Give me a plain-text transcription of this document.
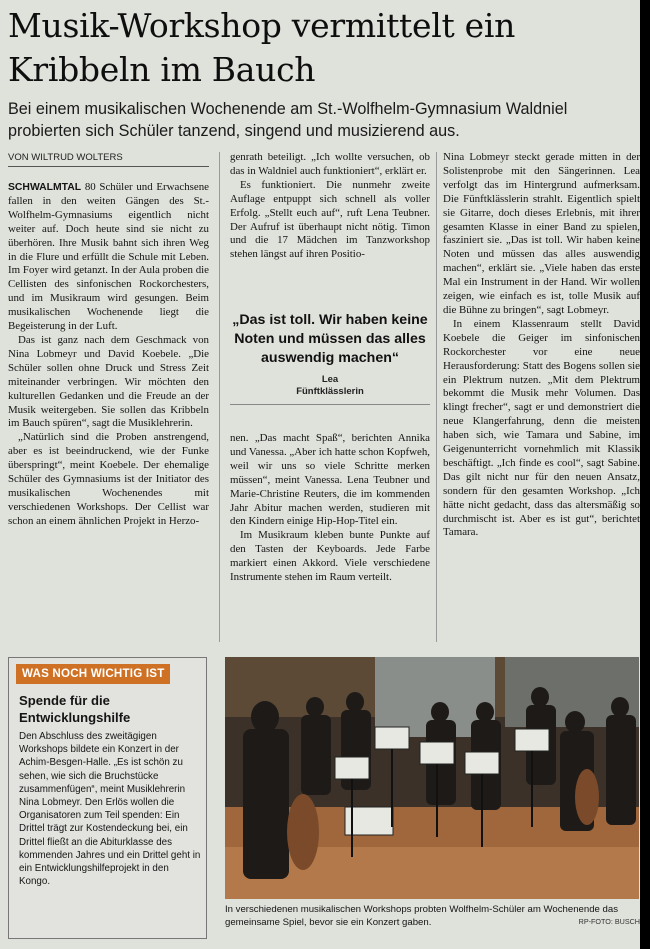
Musik-Workshop vermittelt ein Kribbeln im Bauch

Bei einem musikalischen Wochenende am St.-Wolfhelm-Gymnasium Waldniel probierten sich Schüler tanzend, singend und musizierend aus.

VON WILTRUD WOLTERS

SCHWALMTAL 80 Schüler und Erwachsene fallen in den weiten Gängen des St.-Wolfhelm-Gymnasiums eigentlich nicht weiter auf. Doch heute sind sie nicht zu überhören. Ihre Musik bahnt sich ihren Weg in die Flure und erfüllt die Schule mit Leben. Im Foyer wird getanzt. In der Aula proben die Cellisten des sinfonischen Rockorchesters, und im Musikraum wird gesungen. Beim musikalischen Wochenende liegt die Begeisterung in der Luft.

Das ist ganz nach dem Geschmack von Nina Lobmeyr und David Koebele. „Die Schüler sollen ohne Druck und Stress Zeit miteinander verbringen. Wir möchten den kulturellen Gedanken und die Freude an der Musik weitergeben. Sie sollen das Kribbeln im Bauch spüren“, sagt die Musiklehrerin.

„Natürlich sind die Proben anstrengend, aber es ist beeindruckend, wie der Funke überspringt“, meint Koebele. Der ehemalige Schüler des Gymnasiums ist der Initiator des musikalischen Wochenendes mit verschiedenen Workshops. Der Cellist war schon an einem ähnlichen Projekt in Herzo-

genrath beteiligt. „Ich wollte versuchen, ob das in Waldniel auch funktioniert“, erklärt er.

Es funktioniert. Die nunmehr zweite Auflage entpuppt sich schnell als voller Erfolg. „Stellt euch auf“, ruft Lena Teubner. Der Aufruf ist überhaupt nicht nötig. Timon und die 17 Mädchen im Tanzworkshop stehen längst auf ihren Positio-

„Das ist toll. Wir haben keine Noten und müssen das alles auswendig machen“
Lea
Fünftklässlerin

nen. „Das macht Spaß“, berichten Annika und Vanessa. „Aber ich hatte schon Kopfweh, weil wir uns so viele Schritte merken müssen“, meint Vanessa. Lena Teubner und Marie-Christine Reuters, die im kommenden Jahr Abitur machen werden, studieren mit den Kindern einige Hip-Hop-Titel ein.

Im Musikraum kleben bunte Punkte auf den Tasten der Keyboards. Jede Farbe markiert einen Akkord. Viele verschiedene Instrumente stehen im Raum verteilt.

Nina Lobmeyr steckt gerade mitten in der Solistenprobe mit den Sängerinnen. Lea verfolgt das im Hintergrund aufmerksam. Die Fünftklässlerin strahlt. Eigentlich spielt sie Gitarre, doch dieses Erlebnis, mit ihrer gesamten Klasse in einer Band zu spielen, fasziniert sie. „Das ist toll. Wir haben keine Noten und müssen das alles auswendig machen“, erklärt sie. „Viele haben das erste Mal ein Instrument in der Hand. Wir wollen zeigen, wie einfach es ist, tolle Musik auf die Bühne zu bringen“, sagt Lobmeyr.

In einem Klassenraum stellt David Koebele die Geiger im sinfonischen Rockorchester vor eine neue Herausforderung: Statt des Bogens sollen sie ein Plektrum nutzen. „Mit dem Plektrum bekommt die Musik mehr Volumen. Das klingt frecher“, sagt er und demonstriert die neue Klangerfahrung, denn die meisten haben sich, wie Tamara und Sabine, im Geigenunterricht vornehmlich mit Klassik beschäftigt. „Ich finde es cool“, sagt Sabine. Das gilt nicht nur für den neuen Ansatz, sondern für den gesamten Workshop. „Ich hätte nicht gedacht, dass das altersmäßig so durchmischt ist. Aber es ist gut“, berichtet Tamara.

WAS NOCH WICHTIG IST
Spende für die Entwicklungshilfe
Den Abschluss des zweitägigen Workshops bildete ein Konzert in der Achim-Besgen-Halle. „Es ist schön zu sehen, wie sich die Bruchstücke zusammenfügen“, meint Musiklehrerin Nina Lobmeyr. Den Erlös wollen die Organisatoren zum Teil spenden: Ein Drittel trägt zur Kostendeckung bei, ein Drittel fließt an die Abiturklasse des kommenden Jahres und ein Drittel geht in ein Entwicklungshilfeprojekt in den Kongo.
In verschiedenen musikalischen Workshops probten Wolfhelm-Schüler am Wochenende das gemeinsame Spiel, bevor sie ein Konzert gaben.	RP-FOTO: BUSCH
